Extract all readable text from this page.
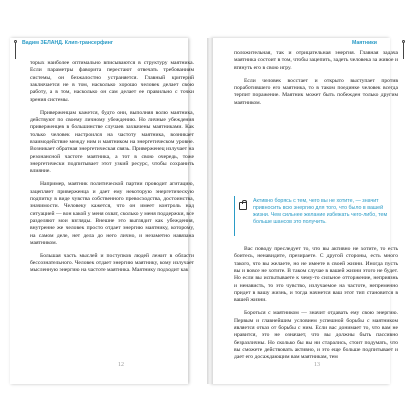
Вадим ЗЕЛАНД. Клип-трансерфинг	Маятники

торых наиболее оптимально вписываются в структуру маятника. Если параметры фаворита перестают отвечать требованиям системы, он безжалостно устраняется. Главный критерий заключается не в том, насколько хорошо человек делает свою работу, а в том, насколько он сам делает ее правильно с точки зрения системы.

Приверженцам кажется, будто они, выполняя волю маятника, действуют по своему личному убеждению. Но личные убеждения приверженцев в большинстве случаев захвачены маятниками. Как только человек настроился на частоту маятника, возникает взаимодействие между ним и маятником на энергетическом уровне. Возникает обратная энергетическая связь. Приверженец излучает на резонансной частоте маятника, а тот в свою очередь, тоже энергетически подпитывает этот узкий ресурс, чтобы сохранить влияние.

Например, маятник политической партии проводит агитацию, зацепляет приверженца и дает ему некоторую энергетическую подпитку в виде чувства собственного превосходства, достоинства, значимости. Человеку кажется, что он имеет контроль над ситуацией — вон какой у меня охват, сколько у меня поддержки, все разделяют мои взгляды. Внешне это выглядит как убеждения, внутренне же человек просто отдает энергию маятнику, которому, на самом деле, нет дела до него лично, и незаметно навязана маятником.

Большая часть мыслей и поступков людей лежит в области бессознательного. Человек отдает энергию маятнику, кому излучает мысленную энергию на частоте маятника. Маятнику подходит как

положительная, так и отрицательная энергия. Главная задача маятника состоит в том, чтобы зацепить, задеть человека за живое и втянуть его в свою игру.

Если человек восстает и открыто выступает против поработившего его маятника, то в таком поединке человек всегда терпит поражение. Маятник может быть побежден только другим маятником.

Активно борясь с тем, чего вы не хотите, — значит привносить всю энергию для того, что было в вашей жизни. Чем сильнее желание избежать чего-либо, тем больше шансов это получить.

Вас поводу преследует то, что вы активно не хотите, то есть боитесь, ненавидите, презираете. С другой стороны, есть много такого, что вы желаете, но не имеете в своей жизни. Иногда пусть вы и вовсе не хотите. В таком случае в вашей жизни этого не будет. Но если вы испытываете к чему-то сильное отторжение, неприязнь и ненависть, то это чувство, излучаемое на частоте, непременно придет в вашу жизнь, и тогда начнется ваш этот тип становится в вашей жизни.

Бороться с маятником — значит отдавать ему свою энергию. Первым и главнейшим условием успешной борьбы с маятником является отказ от борьбы с ним. Если вас донимает то, что вам не нравится, это не означает, что вы должны быть пассивно безразличны. Но сколько бы вы ни старались, стоит подумать, что вы сможете действовать активно, и это еще больше подпитывает и дает его досаждающим вам маятникам, тем

12	13
